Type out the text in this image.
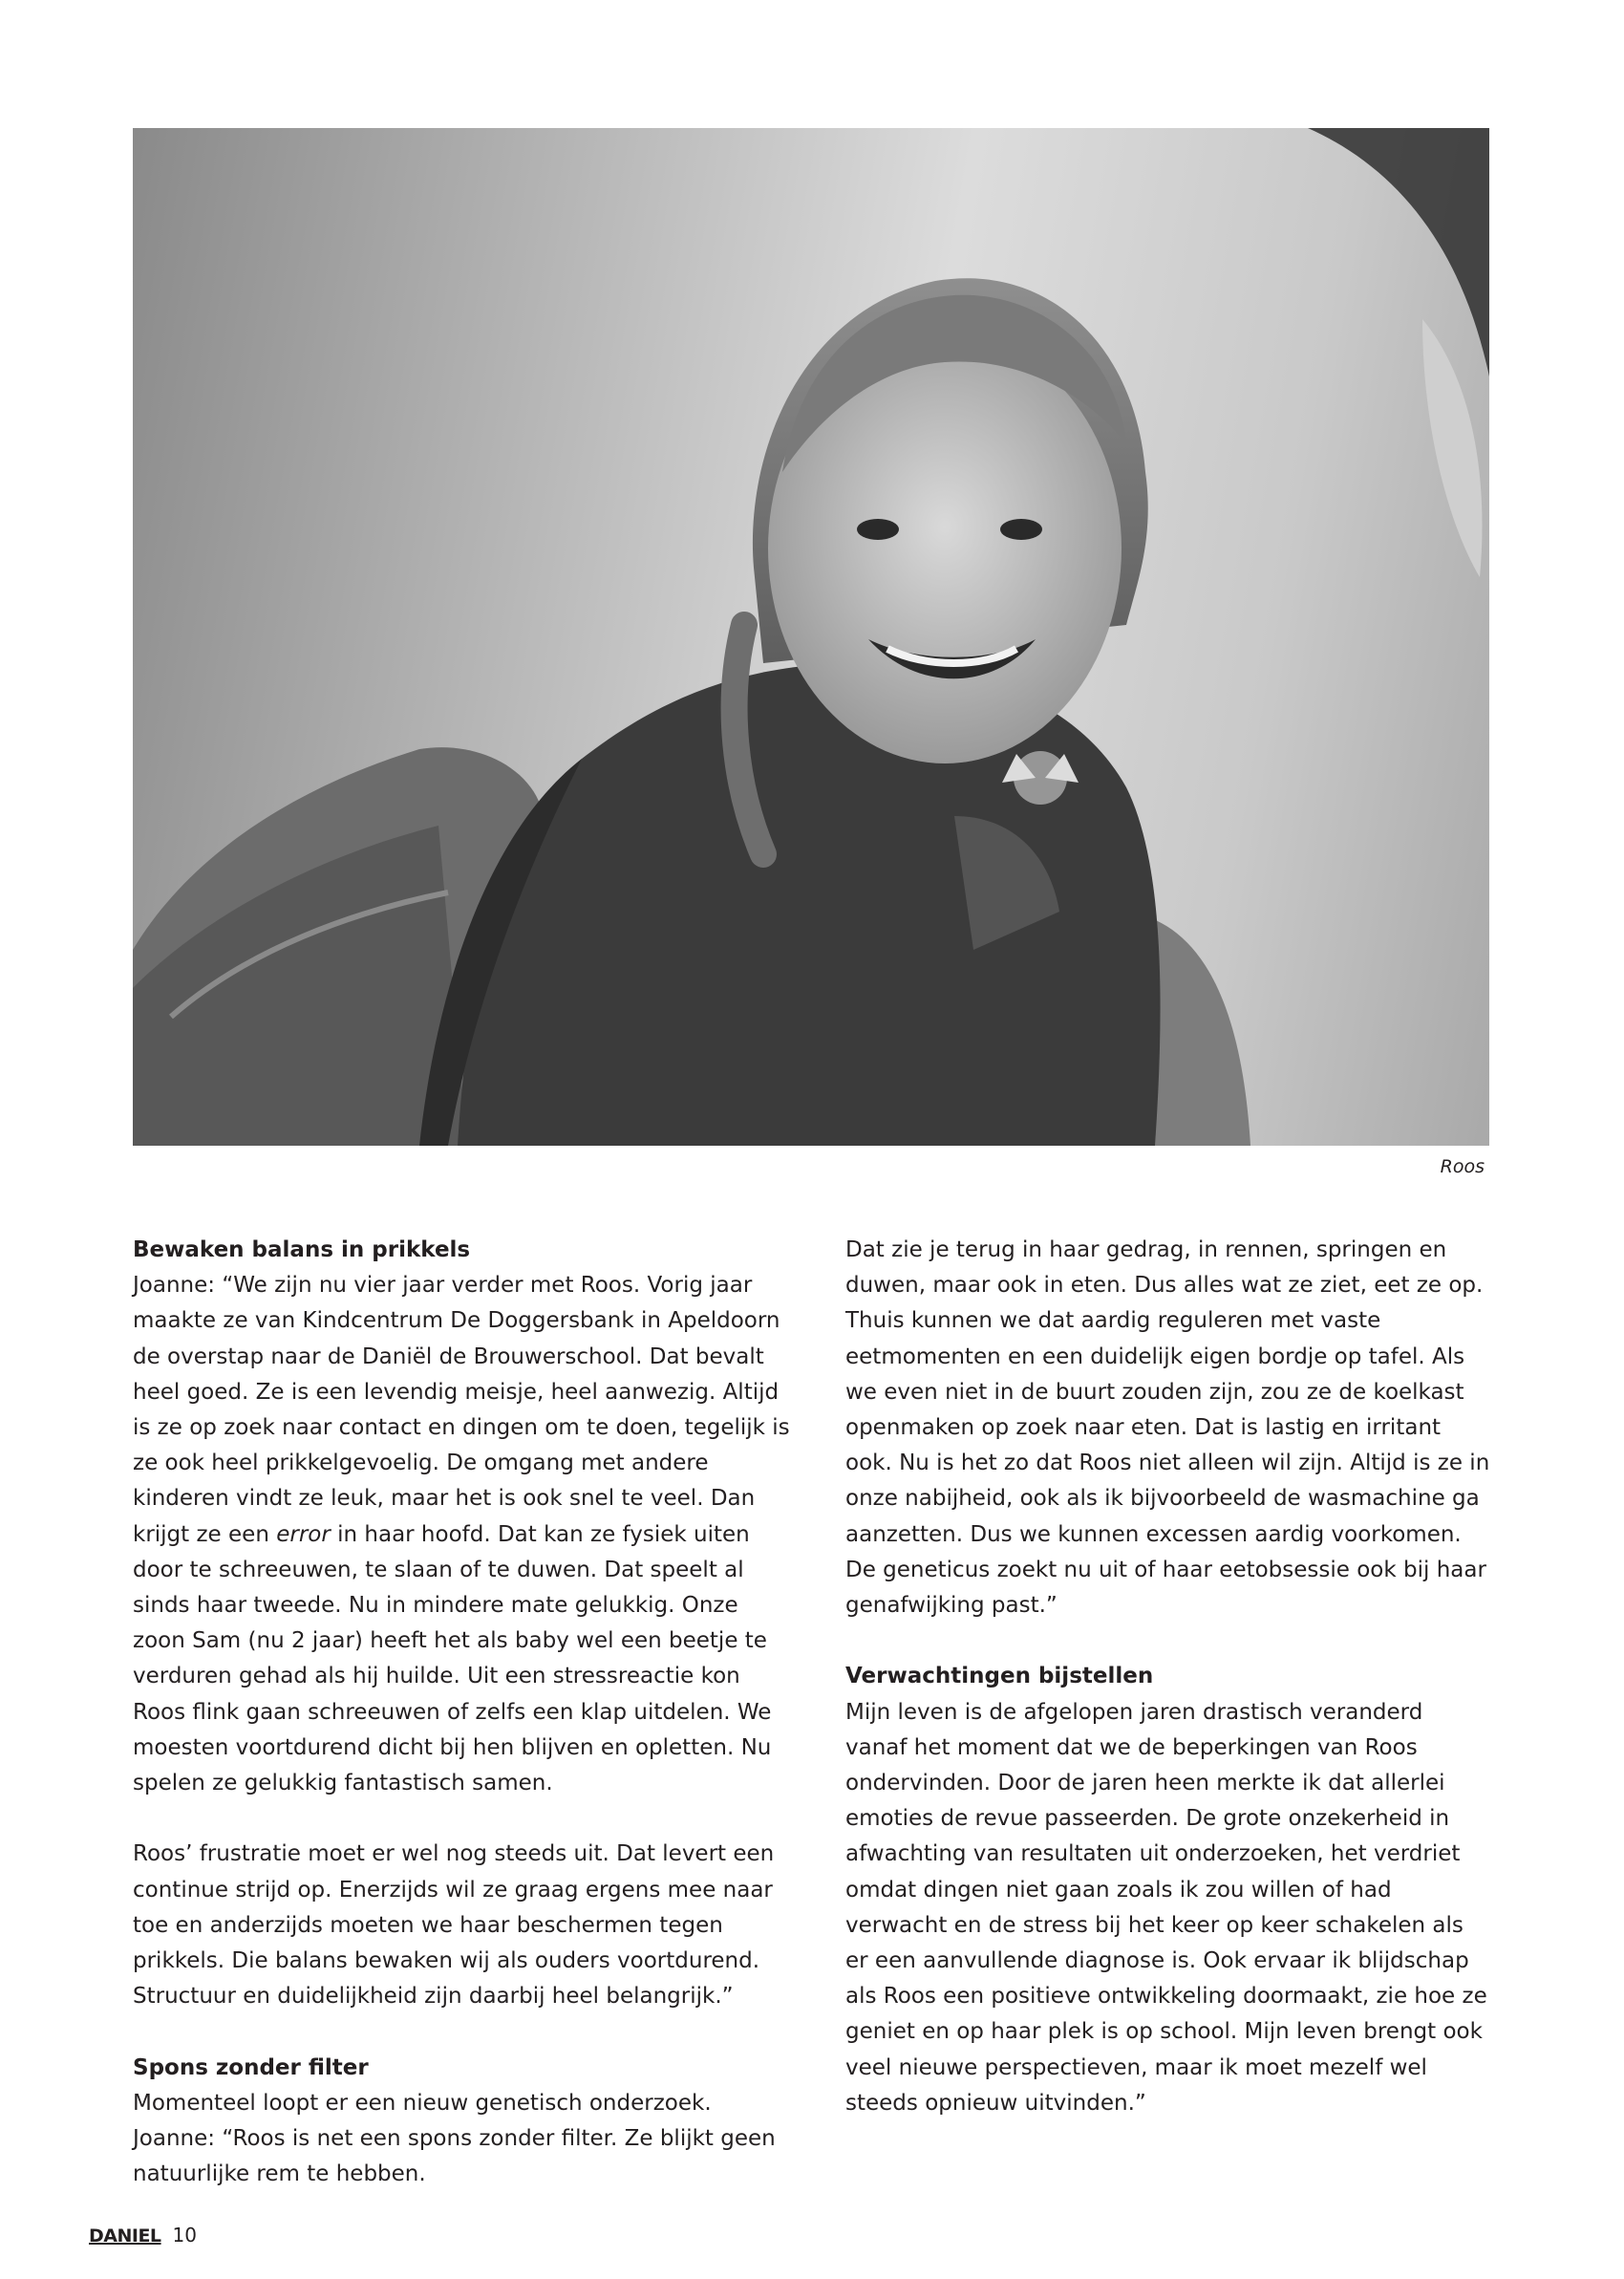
Roos

Bewaken balans in prikkels
Joanne: “We zijn nu vier jaar verder met Roos. Vorig jaar maakte ze van Kindcentrum De Doggersbank in Apeldoorn de overstap naar de Daniël de Brouwerschool. Dat bevalt heel goed. Ze is een levendig meisje, heel aanwezig. Altijd is ze op zoek naar contact en dingen om te doen, tegelijk is ze ook heel prikkelgevoelig. De omgang met andere kinderen vindt ze leuk, maar het is ook snel te veel. Dan krijgt ze een error in haar hoofd. Dat kan ze fysiek uiten door te schreeuwen, te slaan of te duwen. Dat speelt al sinds haar tweede. Nu in mindere mate gelukkig. Onze zoon Sam (nu 2 jaar) heeft het als baby wel een beetje te verduren gehad als hij huilde. Uit een stressreactie kon Roos flink gaan schreeuwen of zelfs een klap uitdelen. We moesten voortdurend dicht bij hen blijven en opletten. Nu spelen ze gelukkig fantastisch samen.

Roos’ frustratie moet er wel nog steeds uit. Dat levert een continue strijd op. Enerzijds wil ze graag ergens mee naar toe en anderzijds moeten we haar beschermen tegen prikkels. Die balans bewaken wij als ouders voortdurend. Structuur en duidelijkheid zijn daarbij heel belangrijk.”

Spons zonder filter
Momenteel loopt er een nieuw genetisch onderzoek. Joanne: “Roos is net een spons zonder filter. Ze blijkt geen natuurlijke rem te hebben.

Dat zie je terug in haar gedrag, in rennen, springen en duwen, maar ook in eten. Dus alles wat ze ziet, eet ze op. Thuis kunnen we dat aardig reguleren met vaste eetmomenten en een duidelijk eigen bordje op tafel. Als we even niet in de buurt zouden zijn, zou ze de koelkast openmaken op zoek naar eten. Dat is lastig en irritant ook. Nu is het zo dat Roos niet alleen wil zijn. Altijd is ze in onze nabijheid, ook als ik bijvoorbeeld de wasmachine ga aanzetten. Dus we kunnen excessen aardig voorkomen. De geneticus zoekt nu uit of haar eetobsessie ook bij haar genafwijking past.”

Verwachtingen bijstellen
Mijn leven is de afgelopen jaren drastisch veranderd vanaf het moment dat we de beperkingen van Roos ondervinden. Door de jaren heen merkte ik dat allerlei emoties de revue passeerden. De grote onzekerheid in afwachting van resultaten uit onderzoeken, het verdriet omdat dingen niet gaan zoals ik zou willen of had verwacht en de stress bij het keer op keer schakelen als er een aanvullende diagnose is. Ook ervaar ik blijdschap als Roos een positieve ontwikkeling doormaakt, zie hoe ze geniet en op haar plek is op school. Mijn leven brengt ook veel nieuwe perspectieven, maar ik moet mezelf wel steeds opnieuw uitvinden.”

DANIEL 10
